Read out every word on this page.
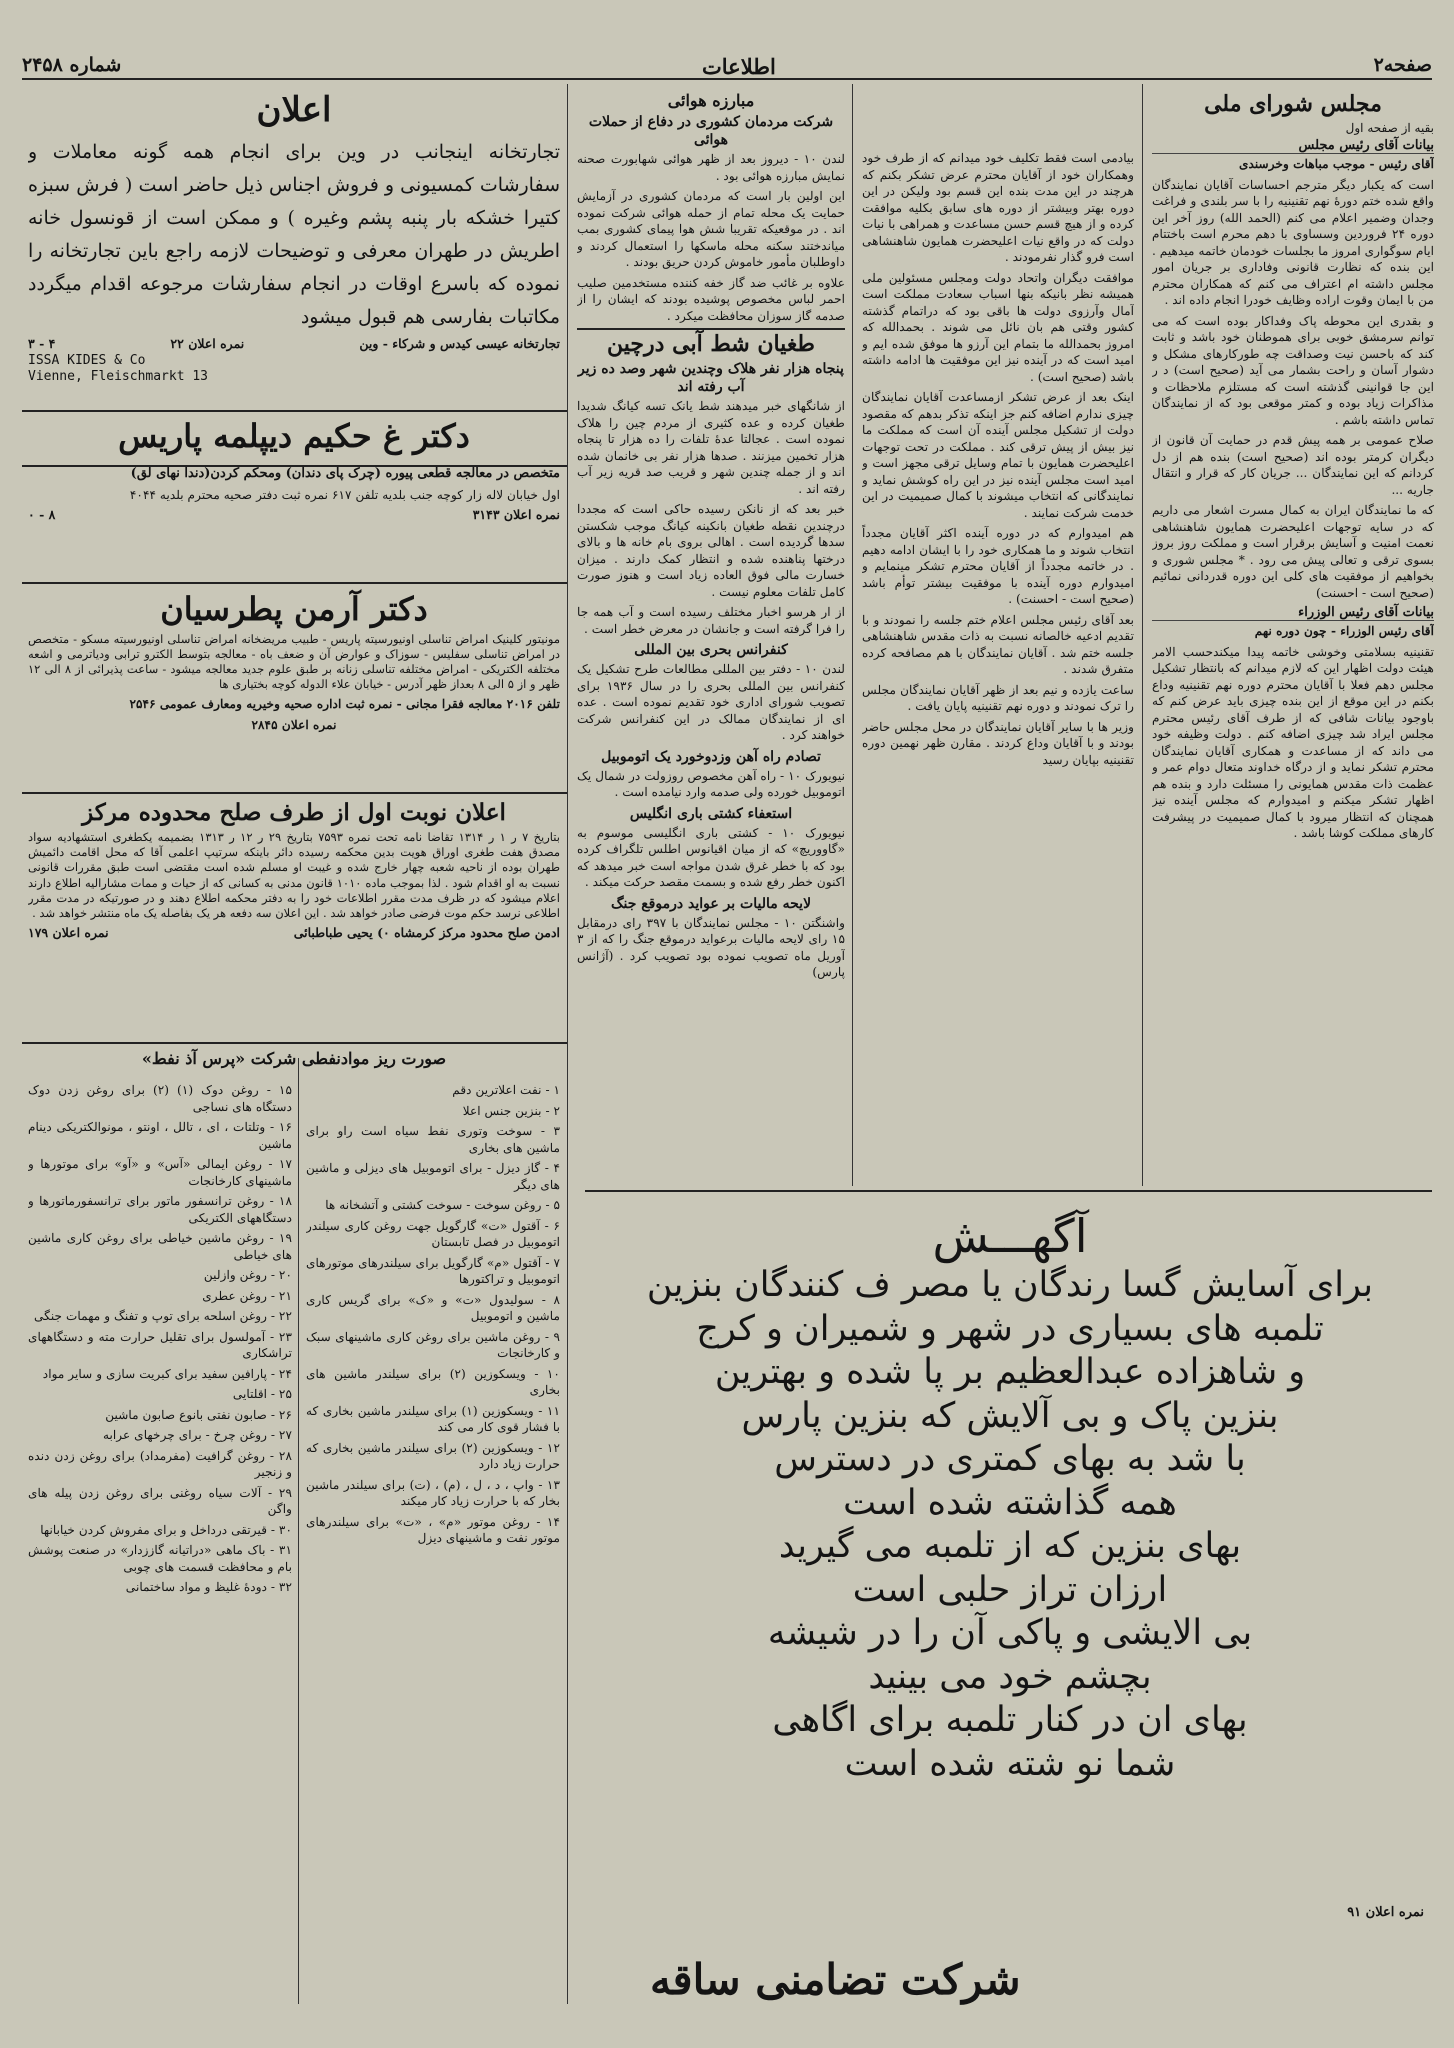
صفحه۲
اطلاعات
شماره ۲۴۵۸
مجلس شورای ملی
بقیه از صفحه اول
بیانات آقای رئیس مجلس

آقای رئیس - موجب مباهات وخرسندی

است که یکبار دیگر مترجم احساسات آقایان نمایندگان واقع شده ختم دورهٔ نهم تقنینیه را با سر بلندی و فراغت وجدان وضمیر اعلام می کنم (الحمد الله) روز آخر این دوره ۲۴ فروردین وسساوی با دهم محرم است باختتام ایام سوگواری امروز ما بجلسات خودمان خاتمه میدهیم . این بنده که نظارت قانونی وفاداری بر جریان امور مجلس داشته ام اعتراف می کنم که همکاران محترم من با ایمان وقوت اراده وظایف خودرا انجام داده اند .

و بقدری این محوطه پاک وفداکار بوده است که می توانم سرمشق خوبی برای هموطنان خود باشد و ثابت کند که باحسن نیت وصداقت چه طورکارهای مشکل و دشوار آسان و راحت بشمار می آید (صحیح است) د ر این جا قوانینی گذشته است که مستلزم ملاحظات و مذاکرات زیاد بوده و کمتر موقعی بود که از نمایندگان تماس داشته باشم .

صلاح عمومی بر همه پیش قدم در حمایت آن قانون از دیگران کرمتر بوده اند (صحیح است) بنده هم از دل کردانم که این نمایندگان ... جریان کار که قرار و انتقال جاریه ...

که ما نمایندگان ایران به کمال مسرت اشعار می داریم که در سایه توجهات اعلیحضرت همایون شاهنشاهی نعمت امنیت و آسایش برقرار است و مملکت روز بروز بسوی ترقی و تعالی پیش می رود . * مجلس شوری و بخواهیم از موفقیت های کلی این دوره قدردانی نمائیم (صحیح است - احسنت)

بیانات آقای رئیس الوزراء

آقای رئیس الوزراء - چون دوره نهم

تقنینیه بسلامتی وخوشی خاتمه پیدا میکندحسب الامر هیئت دولت اظهار این که لازم میدانم که بانتظار تشکیل مجلس دهم فعلا با آقایان محترم دوره نهم تقنینیه وداع بکنم در این موقع از این بنده چیزی باید عرض کنم که باوجود بیانات شافی که از طرف آقای رئیس محترم مجلس ایراد شد چیزی اضافه کنم . دولت وظیفه خود می داند که از مساعدت و همکاری آقایان نمایندگان محترم تشکر نماید و از درگاه خداوند متعال دوام عمر و عظمت ذات مقدس همایونی را مسئلت دارد و بنده هم اظهار تشکر میکنم و امیدوارم که مجلس آینده نیز همچنان که انتظار میرود با کمال صمیمیت در پیشرفت کارهای مملکت کوشا باشد .

بیادمی است فقط تکلیف خود میدانم که از طرف خود وهمکاران خود از آقایان محترم عرض تشکر بکنم که هرچند در این مدت بنده این قسم بود ولیکن در این دوره بهتر وبیشتر از دوره های سابق بکلیه موافقت کرده و از هیچ قسم حسن مساعدت و همراهی با نیات دولت که در واقع نیات اعلیحضرت همایون شاهنشاهی است فرو گذار نفرمودند .

موافقت دیگران واتحاد دولت ومجلس مسئولین ملی همیشه نظر بانیکه بنها اسباب سعادت مملکت است آمال وآرزوی دولت ها باقی بود که دراتمام گذشته کشور وقتی هم بان نائل می شوند . بحمدالله که امروز بحمدالله ما بتمام این آرزو ها موفق شده ایم و امید است که در آینده نیز این موفقیت ها ادامه داشته باشد (صحیح است) .

اینک بعد از عرض تشکر ازمساعدت آقایان نمایندگان چیزی ندارم اضافه کنم جز اینکه تذکر بدهم که مقصود دولت از تشکیل مجلس آینده آن است که مملکت ما نیز بیش از پیش ترقی کند . مملکت در تحت توجهات اعلیحضرت همایون با تمام وسایل ترقی مجهز است و امید است مجلس آینده نیز در این راه کوشش نماید و نمایندگانی که انتخاب میشوند با کمال صمیمیت در این خدمت شرکت نمایند .

هم امیدوارم که در دوره آینده اکثر آقایان مجدداً انتخاب شوند و ما همکاری خود را با ایشان ادامه دهیم . در خاتمه مجدداً از آقایان محترم تشکر مینمایم و امیدوارم دوره آینده با موفقیت بیشتر توأم باشد (صحیح است - احسنت) .

بعد آقای رئیس مجلس اعلام ختم جلسه را نمودند و با تقدیم ادعیه خالصانه نسبت به ذات مقدس شاهنشاهی جلسه ختم شد . آقایان نمایندگان با هم مصافحه کرده متفرق شدند .

ساعت یازده و نیم بعد از ظهر آقایان نمایندگان مجلس را ترک نمودند و دوره نهم تقنینیه پایان یافت .

وزیر ها با سایر آقایان نمایندگان در محل مجلس حاضر بودند و با آقایان وداع کردند . مقارن ظهر نهمین دوره تقنینیه بپایان رسید

مبارزه هوائی
شرکت مردمان کشوری در دفاع از حملات هوائی

لندن ۱۰ - دیروز بعد از ظهر هوائی شهابورت صحنه نمایش مبارزه هوائی بود .

این اولین بار است که مردمان کشوری در آزمایش حمایت یک محله تمام از حمله هوائی شرکت نموده اند . در موقعیکه تقریبا شش هوا پیمای کشوری بمب میاندختند سکنه محله ماسکها را استعمال کردند و داوطلبان مأمور خاموش کردن حریق بودند .

علاوه بر غائب ضد گاز خفه کننده مستخدمین صلیب احمر لباس مخصوص پوشیده بودند که ایشان را از صدمه گاز سوزان محافظت میکرد .

طغیان شط آبی درچین
پنجاه هزار نفر هلاک وچندین شهر وصد ده زیر آب رفته اند

از شانگهای خبر میدهند شط یانک تسه کیانگ شدیدا طغیان کرده و عده کثیری از مردم چین را هلاک نموده است . عجالتا عدهٔ تلفات را ده هزار تا پنجاه هزار تخمین میزنند . صدها هزار نفر بی خانمان شده اند و از جمله چندین شهر و قریب صد قریه زیر آب رفته اند .

خبر بعد که از نانکن رسیده حاکی است که مجددا درچندین نقطه طغیان بانکینه کیانگ موجب شکستن سدها گردیده است . اهالی بروی بام خانه ها و بالای درختها پناهنده شده و انتظار کمک دارند . میزان خسارت مالی فوق العاده زیاد است و هنوز صورت کامل تلفات معلوم نیست .

از ار هرسو اخبار مختلف رسیده است و آب همه جا را فرا گرفته است و جانشان در معرض خطر است .

کنفرانس بحری بین المللی

لندن ۱۰ - دفتر بین المللی مطالعات طرح تشکیل یک کنفرانس بین المللی بحری را در سال ۱۹۳۶ برای تصویب شورای اداری خود تقدیم نموده است . عده ای از نمایندگان ممالک در این کنفرانس شرکت خواهند کرد .

تصادم راه آهن وزدوخورد یک اتوموبیل

نیویورک ۱۰ - راه آهن مخصوص روزولت در شمال یک اتوموبیل خورده ولی صدمه وارد نیامده است .

استعفاء کشتی باری انگلیس

نیویورک ۱۰ - کشتی باری انگلیسی موسوم به «گاووریچ» که از میان اقیانوس اطلس تلگراف کرده بود که با خطر غرق شدن مواجه است خبر میدهد که اکنون خطر رفع شده و بسمت مقصد حرکت میکند .

لایحه مالیات بر عواید درموقع جنگ

واشنگتن ۱۰ - مجلس نمایندگان با ۳۹۷ رای درمقابل ۱۵ رای لایحه مالیات برعواید درموقع جنگ را که از ۳ آوریل ماه تصویب نموده بود تصویب کرد . (آژانس پارس)

اعلان
تجارتخانه اینجانب در وین برای انجام همه گونه معاملات و سفارشات کمسیونی و فروش اجناس ذیل حاضر است ( فرش سبزه کتیرا خشکه بار پنبه پشم وغیره ) و ممکن است از قونسول خانه اطریش در طهران معرفی و توضیحات لازمه راجع باین تجارتخانه را نموده که باسرع اوقات در انجام سفارشات مرجوعه اقدام میگردد مکاتبات بفارسی هم قبول میشود
تجارتخانه عیسی کیدس و شرکاء - وین
نمره اعلان ۲۲
۴ - ۳
ISSA KIDES & Co
Vienne, Fleischmarkt 13
دکتر غ حکیم دیپلمه پاریس

متخصص در معالجه قطعی پیوره (چرک پای دندان) ومحکم کردن(دندا نهای لق)

اول خیابان لاله زار کوچه جنب بلدیه تلفن ۶۱۷ نمره ثبت دفتر صحیه محترم بلدیه ۴۰۴۴

نمره اعلان ۳۱۴۳
۸ - ۰
دکتر آرمن پطرسیان

مونیتور کلینیک امراض تناسلی اونیورسیته پاریس - طبیب مریضخانه امراض تناسلی اونیورسیته مسکو - متخصص در امراض تناسلی سفلیس - سوزاک و عوارض آن و ضعف باه - معالجه بتوسط الکترو ترابی ودیاترمی و اشعه مختلفه الکتریکی - امراض مختلفه تناسلی زنانه بر طبق علوم جدید معالجه میشود - ساعت پذیرائی از ۸ الی ۱۲ ظهر و از ۵ الی ۸ بعداز ظهر آدرس - خیابان علاء الدوله کوچه بختیاری ها

تلفن ۲۰۱۶ معالجه فقرا مجانی - نمره ثبت اداره صحیه وخیریه ومعارف عمومی ۲۵۴۶

نمره اعلان ۲۸۴۵

اعلان نوبت اول از طرف صلح محدوده مرکز

بتاریخ ۷ ر ۱ ر ۱۳۱۴ تقاضا نامه تحت نمره ۷۵۹۳ بتاریخ ۲۹ ر ۱۲ ر ۱۳۱۳ بضمیمه یکطغری استشهادیه سواد مصدق هفت طغری اوراق هویت بدین محکمه رسیده دائر باینکه سرتیپ اعلمی آقا که محل اقامت دائمیش طهران بوده از ناحیه شعبه چهار خارج شده و غیبت او مسلم شده است مقتضی است طبق مقررات قانونی نسبت به او اقدام شود . لذا بموجب ماده ۱۰۱۰ قانون مدنی به کسانی که از حیات و ممات مشارالیه اطلاع دارند اعلام میشود که در ظرف مدت مقرر اطلاعات خود را به دفتر محکمه اطلاع دهند و در صورتیکه در مدت مقرر اطلاعی نرسد حکم موت فرضی صادر خواهد شد . این اعلان سه دفعه هر یک بفاصله یک ماه منتشر خواهد شد .

ادمن صلح محدود مرکز کرمشاه ۰) یحیی طباطبائی
نمره اعلان ۱۷۹
صورت ریز موادنفطی شرکت «پرس آذ نفط»

۱ - نفت اعلاترین دقم

۲ - بنزین جنس اعلا

۳ - سوخت وتوری نفط سیاه است راو برای ماشین های بخاری

۴ - گاز دیزل - برای اتوموبیل های دیزلی و ماشین های دیگر

۵ - روغن سوخت - سوخت کشتی و آتشخانه ها

۶ - آقتول «ت» گارگویل جهت روغن کاری سیلندر اتوموبیل در فصل تابستان

۷ - آقتول «م» گارگویل برای سیلندرهای موتورهای اتوموبیل و تراکتورها

۸ - سولیدول «ت» و «ک» برای گریس کاری ماشین و اتوموبیل

۹ - روغن ماشین برای روغن کاری ماشینهای سبک و کارخانجات

۱۰ - ویسکوزین (۲) برای سیلندر ماشین های بخاری

۱۱ - ویسکوزین (۱) برای سیلندر ماشین بخاری که با فشار قوی کار می کند

۱۲ - ویسکوزین (۲) برای سیلندر ماشین بخاری که حرارت زیاد دارد

۱۳ - واپ ، د ، ل ، (م) ، (ت) برای سیلندر ماشین بخار که با حرارت زیاد کار میکند

۱۴ - روغن موتور «م» ، «ت» برای سیلندرهای موتور نفت و ماشینهای دیزل

۱۵ - روغن دوک (۱) (۲) برای روغن زدن دوک دستگاه های نساجی

۱۶ - وتلتات ، ای ، تالل ، اونتو ، مونوالکتریکی دینام ماشین

۱۷ - روغن ایمالی «آس» و «آو» برای موتورها و ماشینهای کارخانجات

۱۸ - روغن ترانسفور ماتور برای ترانسفورماتورها و دستگاههای الکتریکی

۱۹ - روغن ماشین خیاطی برای روغن کاری ماشین های خیاطی

۲۰ - روغن وازلین

۲۱ - روغن عطری

۲۲ - روغن اسلحه برای توپ و تفنگ و مهمات جنگی

۲۳ - آمولسول برای تقلیل حرارت مته و دستگاههای تراشکاری

۲۴ - پارافین سفید برای کبریت سازی و سایر مواد

۲۵ - اقلتایی

۲۶ - صابون نفتی بانوع صابون ماشین

۲۷ - روغن چرخ - برای چرخهای عرابه

۲۸ - روغن گرافیت (مفرمداد) برای روغن زدن دنده و زنجیر

۲۹ - آلات سیاه روغنی برای روغن زدن پیله های واگن

۳۰ - قیرتقی درداخل و برای مفروش کردن خیابانها

۳۱ - باک ماهی «دراتیانه گاززدار» در صنعت پوشش بام و محافظت قسمت های چوبی

۳۲ - دودهٔ غلیظ و مواد ساختمانی

آگهـــش
برای آسایش گسا رندگان یا مصر ف کنندگان بنزین
تلمبه های بسیاری در شهر و شمیران و کرج
و شاهزاده عبدالعظیم بر پا شده و بهترین
بنزین پاک و بی آلایش که بنزین پارس
با شد به بهای کمتری در دسترس
همه گذاشته شده است
بهای بنزین که از تلمبه می گیرید
ارزان تراز حلبی است
بی الایشی و پاکی آن را در شیشه
بچشم خود می بینید
بهای ان در کنار تلمبه برای اگاهی
شما نو شته شده است
شرکت تضامنی ساقه
نمره اعلان ۹۱
